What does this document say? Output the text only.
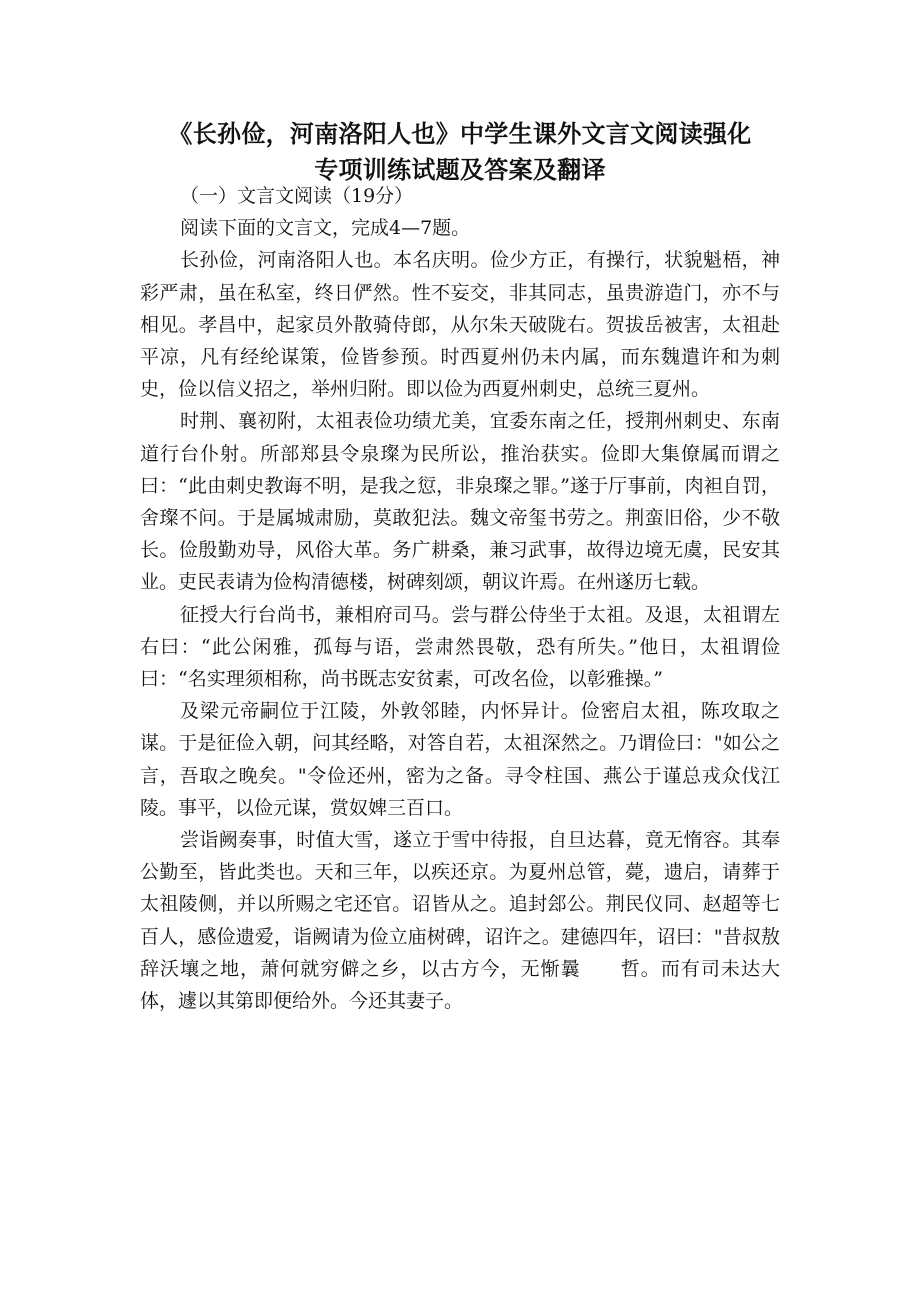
《长孙俭，河南洛阳人也》中学生课外文言文阅读强化
专项训练试题及答案及翻译

（一）文言文阅读（19分）

阅读下面的文言文，完成4—7题。

长孙俭，河南洛阳人也。本名庆明。俭少方正，有操行，状貌魁梧，神彩严肃，虽在私室，终日俨然。性不妄交，非其同志，虽贵游造门，亦不与相见。孝昌中，起家员外散骑侍郎，从尔朱天破陇右。贺拔岳被害，太祖赴平凉，凡有经纶谋策，俭皆参预。时西夏州仍未内属，而东魏遣许和为刺史，俭以信义招之，举州归附。即以俭为西夏州刺史，总统三夏州。

时荆、襄初附，太祖表俭功绩尤美，宜委东南之任，授荆州刺史、东南道行台仆射。所部郑县令泉璨为民所讼，推治获实。俭即大集僚属而谓之曰：“此由刺史教诲不明，是我之愆，非泉璨之罪。”遂于厅事前，肉袒自罚，舍璨不问。于是属城肃励，莫敢犯法。魏文帝玺书劳之。荆蛮旧俗，少不敬长。俭殷勤劝导，风俗大革。务广耕桑，兼习武事，故得边境无虞，民安其业。吏民表请为俭构清德楼，树碑刻颂，朝议许焉。在州遂历七载。

征授大行台尚书，兼相府司马。尝与群公侍坐于太祖。及退，太祖谓左右曰：“此公闲雅，孤每与语，尝肃然畏敬，恐有所失。”他日，太祖谓俭曰：“名实理须相称，尚书既志安贫素，可改名俭，以彰雅操。”

及梁元帝嗣位于江陵，外敦邻睦，内怀异计。俭密启太祖，陈攻取之谋。于是征俭入朝，问其经略，对答自若，太祖深然之。乃谓俭曰："如公之言，吾取之晚矣。"令俭还州，密为之备。寻令柱国、燕公于谨总戎众伐江陵。事平，以俭元谋，赏奴婢三百口。

尝诣阙奏事，时值大雪，遂立于雪中待报，自旦达暮，竟无惰容。其奉公勤至，皆此类也。天和三年，以疾还京。为夏州总管，薨，遗启，请葬于太祖陵侧，并以所赐之宅还官。诏皆从之。追封郐公。荆民仪同、赵超等七百人，感俭遗爱，诣阙请为俭立庙树碑，诏许之。建德四年，诏曰："昔叔敖辞沃壤之地，萧何就穷僻之乡，以古方今，无惭曩　　哲。而有司未达大体，遽以其第即便给外。今还其妻子。
